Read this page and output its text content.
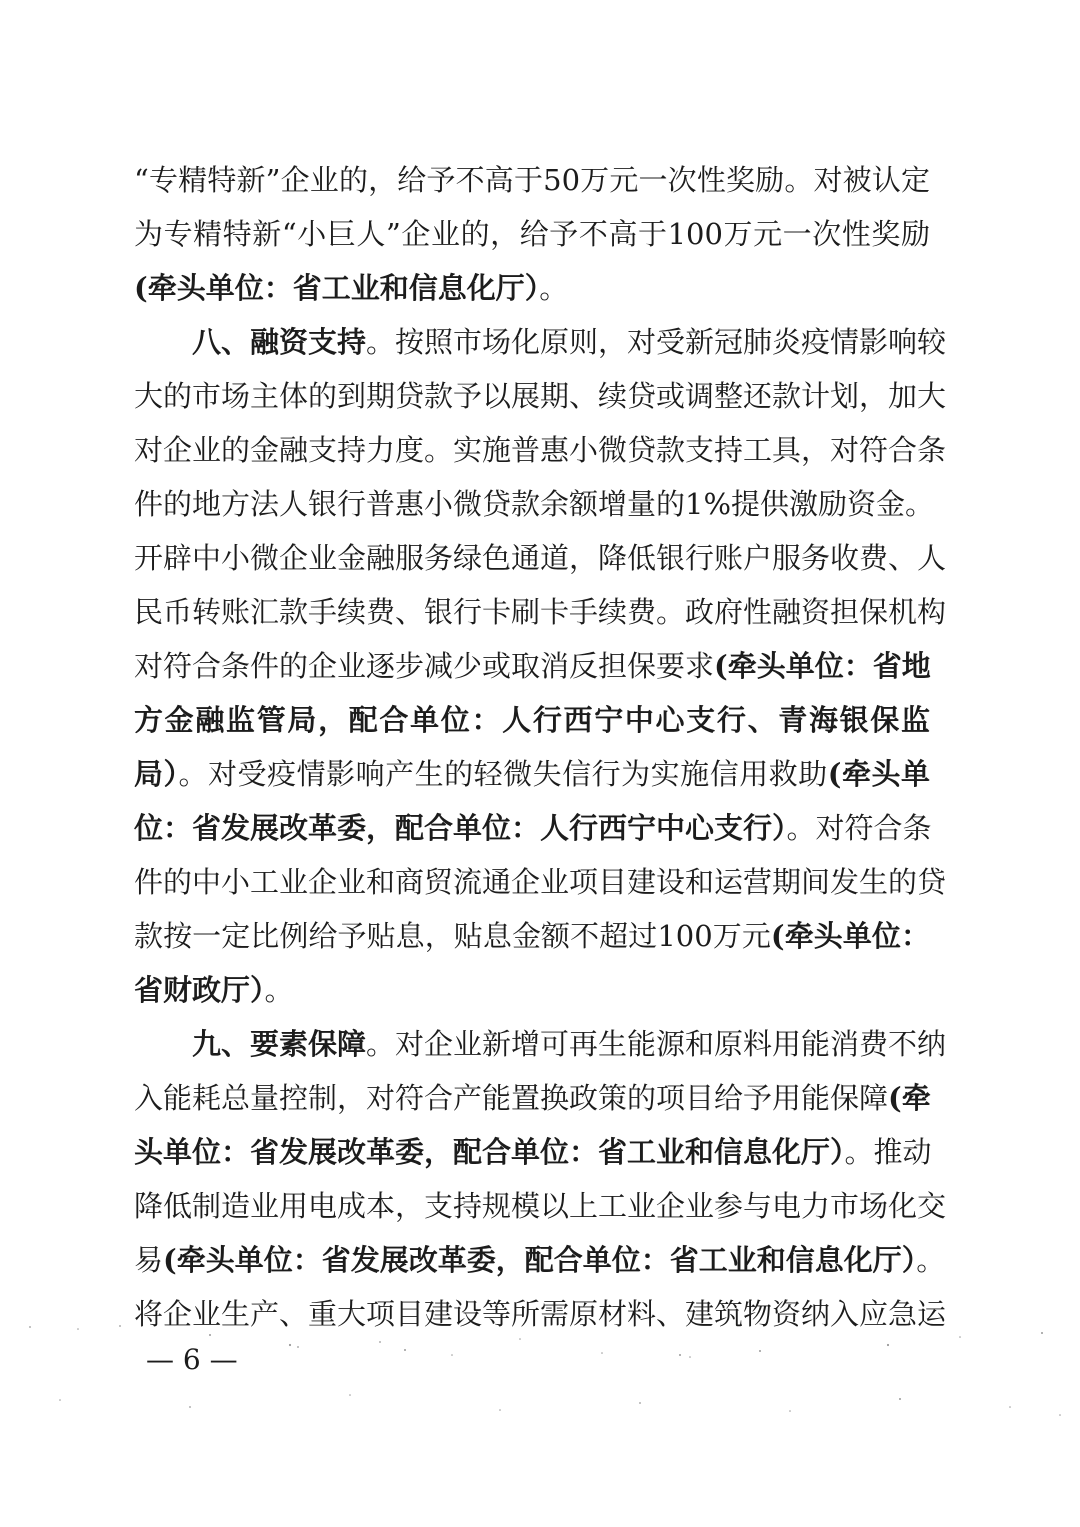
“专精特新”企业的，给予不高于50万元一次性奖励。对被认定
为专精特新“小巨人”企业的，给予不高于100万元一次性奖励
(牵头单位：省工业和信息化厅）。
八、融资支持。按照市场化原则，对受新冠肺炎疫情影响较
大的市场主体的到期贷款予以展期、续贷或调整还款计划，加大
对企业的金融支持力度。实施普惠小微贷款支持工具，对符合条
件的地方法人银行普惠小微贷款余额增量的1%提供激励资金。
开辟中小微企业金融服务绿色通道，降低银行账户服务收费、人
民币转账汇款手续费、银行卡刷卡手续费。政府性融资担保机构
对符合条件的企业逐步减少或取消反担保要求(牵头单位：省地
方金融监管局，配合单位：人行西宁中心支行、青海银保监
局）。对受疫情影响产生的轻微失信行为实施信用救助(牵头单
位：省发展改革委，配合单位：人行西宁中心支行）。对符合条
件的中小工业企业和商贸流通企业项目建设和运营期间发生的贷
款按一定比例给予贴息，贴息金额不超过100万元(牵头单位：
省财政厅）。
九、要素保障。对企业新增可再生能源和原料用能消费不纳
入能耗总量控制，对符合产能置换政策的项目给予用能保障(牵
头单位：省发展改革委，配合单位：省工业和信息化厅）。推动
降低制造业用电成本，支持规模以上工业企业参与电力市场化交
易(牵头单位：省发展改革委，配合单位：省工业和信息化厅）。
将企业生产、重大项目建设等所需原材料、建筑物资纳入应急运
— 6 —
